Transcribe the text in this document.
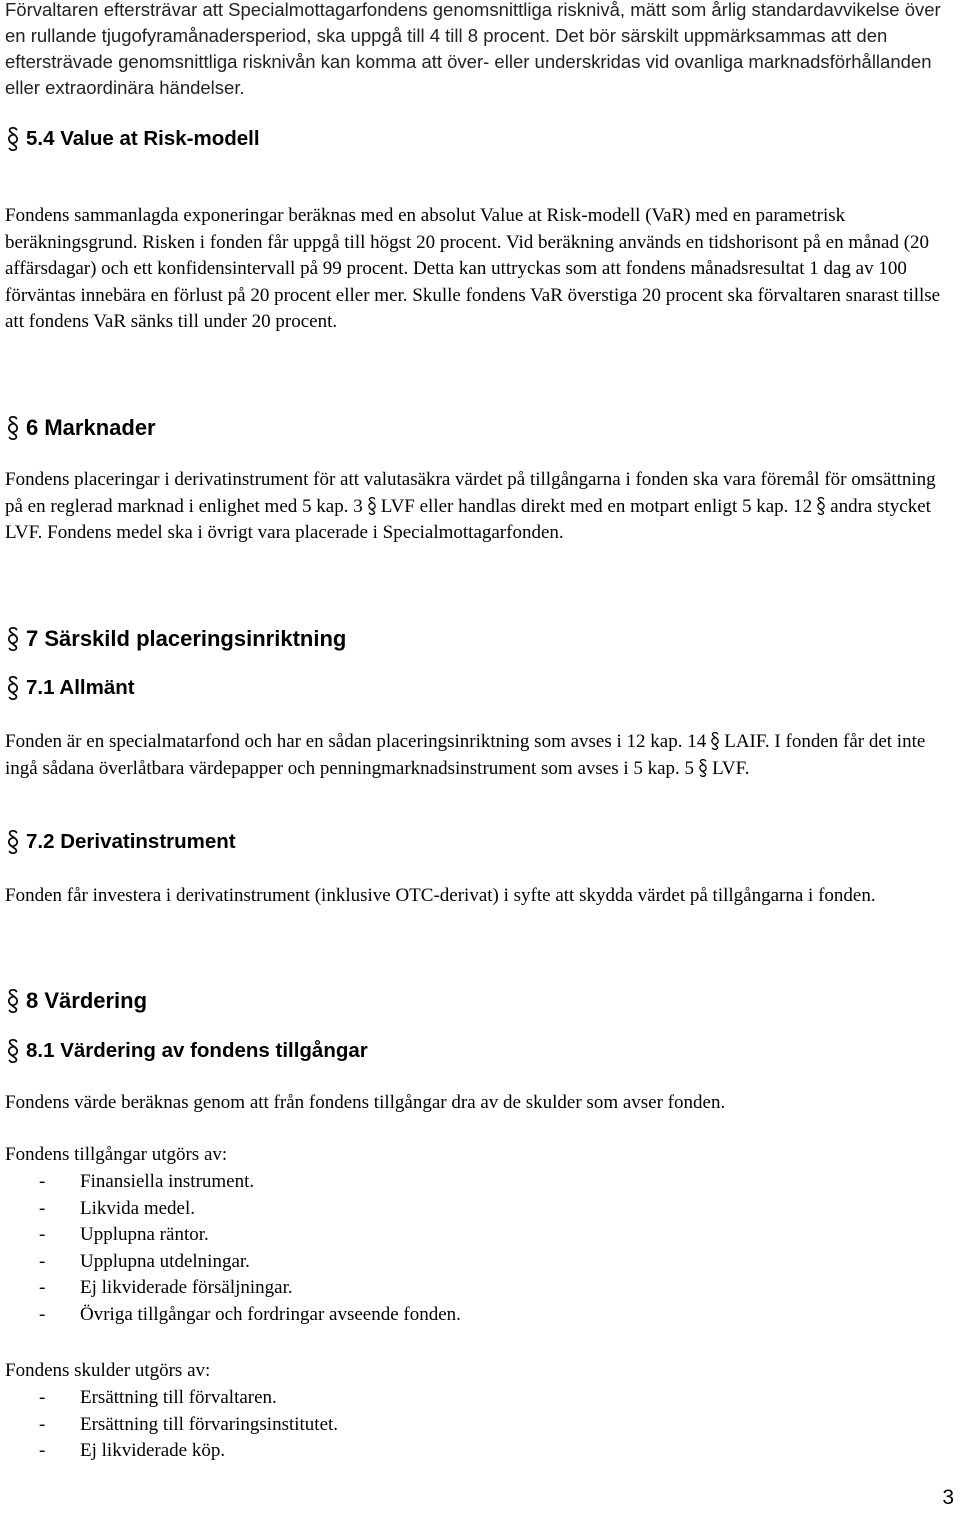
Förvaltaren eftersträvar att Specialmottagarfondens genomsnittliga risknivå, mätt som årlig standardavvikelse över en rullande tjugofyramånadersperiod, ska uppgå till 4 till 8 procent. Det bör särskilt uppmärksammas att den eftersträvade genomsnittliga risknivån kan komma att över- eller underskridas vid ovanliga marknadsförhållanden eller extraordinära händelser.

5.4 Value at Risk-modell

Fondens sammanlagda exponeringar beräknas med en absolut Value at Risk-modell (VaR) med en parametrisk beräkningsgrund. Risken i fonden får uppgå till högst 20 procent. Vid beräkning används en tidshorisont på en månad (20 affärsdagar) och ett konfidensintervall på 99 procent. Detta kan uttryckas som att fondens månadsresultat 1 dag av 100 förväntas innebära en förlust på 20 procent eller mer. Skulle fondens VaR överstiga 20 procent ska förvaltaren snarast tillse att fondens VaR sänks till under 20 procent.

6 Marknader

Fondens placeringar i derivatinstrument för att valutasäkra värdet på tillgångarna i fonden ska vara föremål för omsättning på en reglerad marknad i enlighet med 5 kap. 3 LVF eller handlas direkt med en motpart enligt 5 kap. 12 andra stycket LVF. Fondens medel ska i övrigt vara placerade i Specialmottagarfonden.

7 Särskild placeringsinriktning
7.1 Allmänt

Fonden är en specialmatarfond och har en sådan placeringsinriktning som avses i 12 kap. 14 LAIF. I fonden får det inte ingå sådana överlåtbara värdepapper och penningmarknadsinstrument som avses i 5 kap. 5 LVF.

7.2 Derivatinstrument

Fonden får investera i derivatinstrument (inklusive OTC-derivat) i syfte att skydda värdet på tillgångarna i fonden.

8 Värdering
8.1 Värdering av fondens tillgångar

Fondens värde beräknas genom att från fondens tillgångar dra av de skulder som avser fonden.

Fondens tillgångar utgörs av:

- Finansiella instrument.
- Likvida medel.
- Upplupna räntor.
- Upplupna utdelningar.
- Ej likviderade försäljningar.
- Övriga tillgångar och fordringar avseende fonden.

Fondens skulder utgörs av:

- Ersättning till förvaltaren.
- Ersättning till förvaringsinstitutet.
- Ej likviderade köp.
3
